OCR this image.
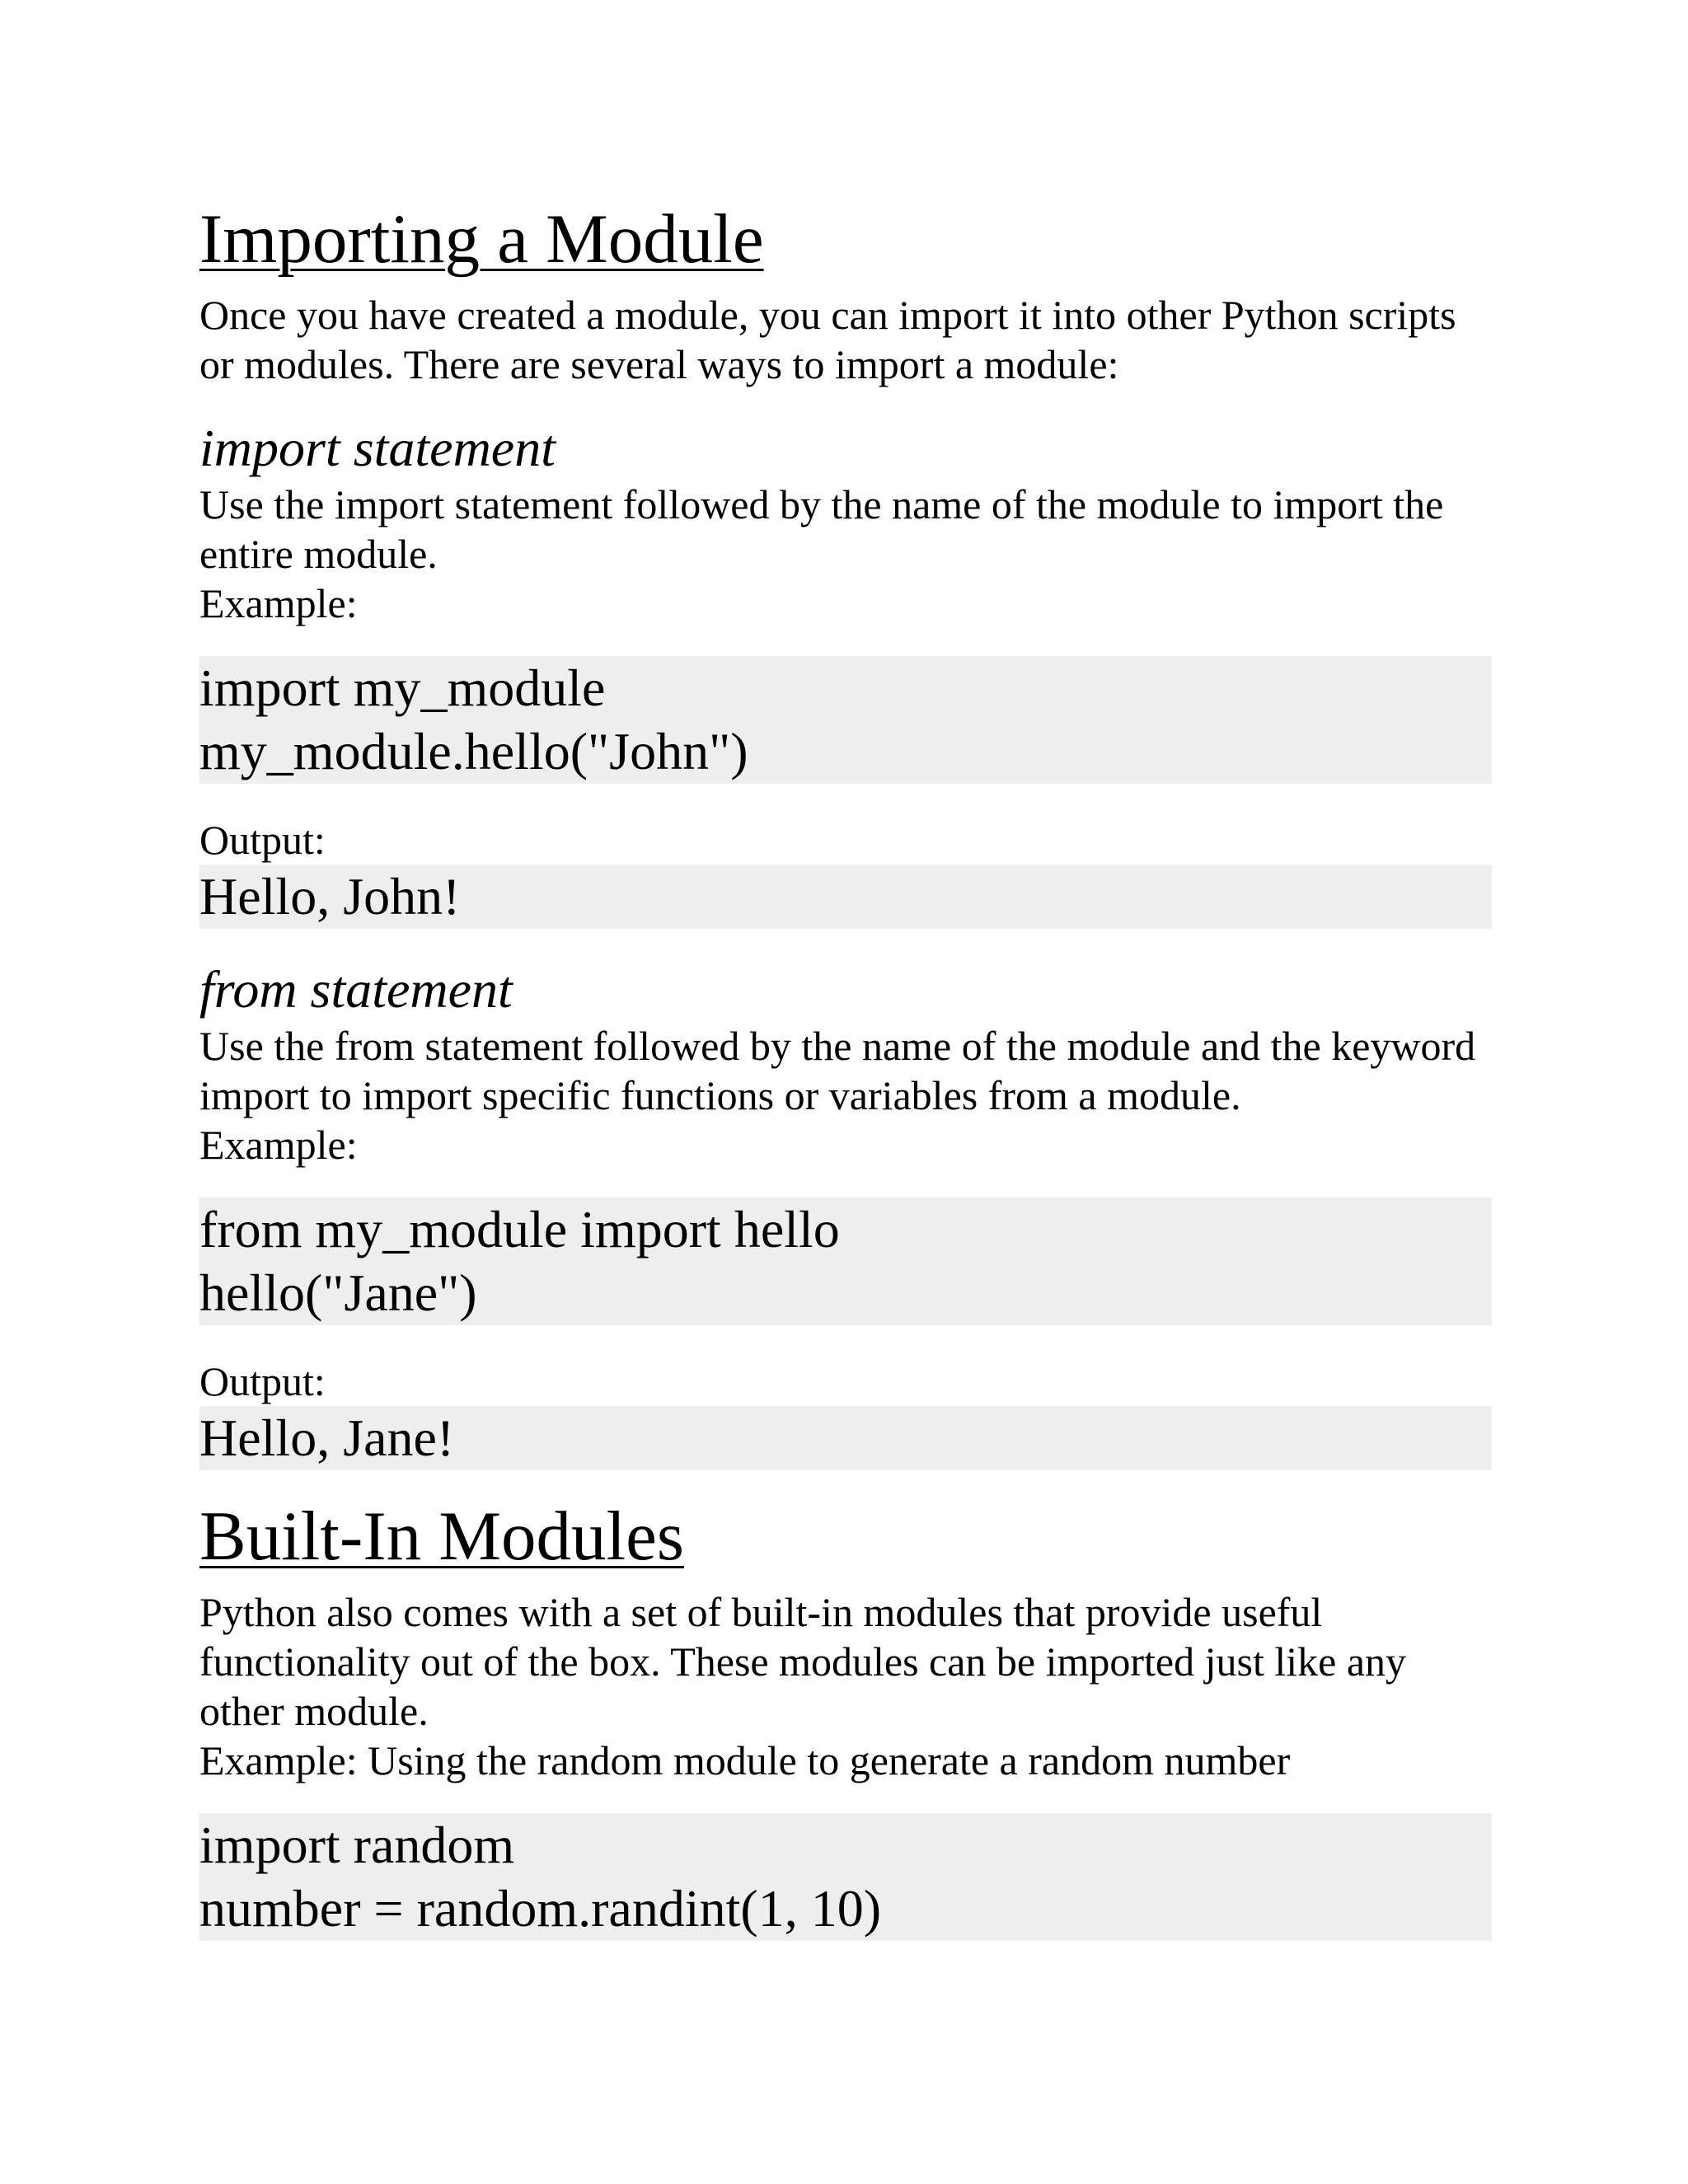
Importing a Module

Once you have created a module, you can import it into other Python scripts

or modules. There are several ways to import a module:

import statement

Use the import statement followed by the name of the module to import the

entire module.

Example:

import my_module
my_module.hello("John")

Output:

Hello, John!
from statement

Use the from statement followed by the name of the module and the keyword

import to import specific functions or variables from a module.

Example:

from my_module import hello
hello("Jane")

Output:

Hello, Jane!
Built-In Modules

Python also comes with a set of built-in modules that provide useful

functionality out of the box. These modules can be imported just like any

other module.

Example: Using the random module to generate a random number

import random
number = random.randint(1, 10)
